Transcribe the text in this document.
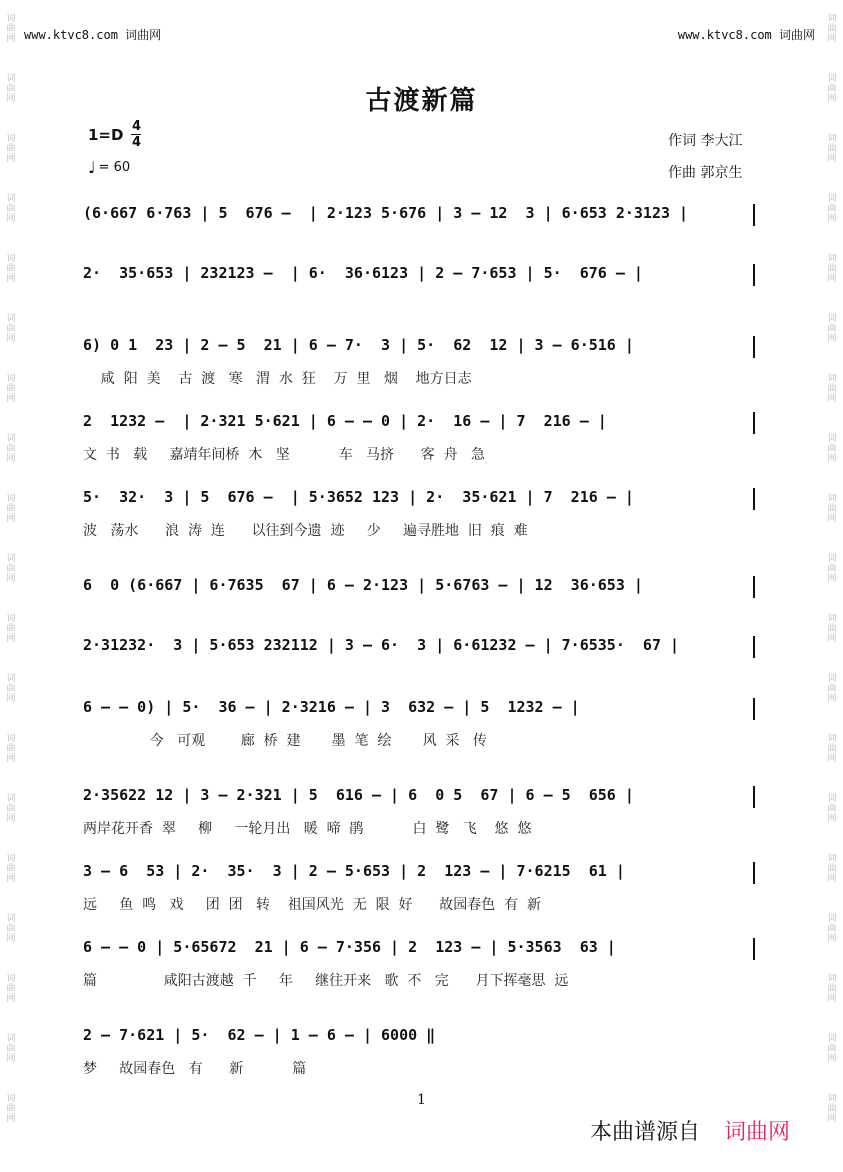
词
曲
网
词
曲
网
词
曲
网
词
曲
网
词
曲
网
词
曲
网
词
曲
网
词
曲
网
词
曲
网
词
曲
网
词
曲
网
词
曲
网
词
曲
网
词
曲
网
词
曲
网
词
曲
网
词
曲
网
词
曲
网
词
曲
网
词
曲
网
词
曲
网
词
曲
网
词
曲
网
词
曲
网
词
曲
网
词
曲
网
词
曲
网
词
曲
网
词
曲
网
词
曲
网
词
曲
网
词
曲
网
词
曲
网
词
曲
网
词
曲
网
词
曲
网
词
曲
网
词
曲
网
www.ktvc8.com 词曲网	www.ktvc8.com 词曲网
古渡新篇
1=D 4
4
♩ = 60
作词 李大江
作曲 郭京生
(6·667 6·763 | 5  676 –  | 2·123 5·676 | 3 – 12  3 | 6·653 2·3123 |
2·  35·653 | 232123 –  | 6·  36·6123 | 2 – 7·653 | 5·  676 – |
6) 0 1  23 | 2 – 5  21 | 6 – 7·  3 | 5·  62  12 | 3 – 6·516 |
咸  阳  美    古  渡   寒   渭  水  狂    万  里   烟    地方日志
2  1232 –  | 2·321 5·621 | 6 – – 0 | 2·  16 – | 7  216 – |
文  书   载     嘉靖年间桥  木   坚           车   马挤      客  舟   急
5·  32·  3 | 5  676 –  | 5·3652 123 | 2·  35·621 | 7  216 – |
波   荡水      浪  涛  连      以往到今遗  迹     少     遍寻胜地  旧  痕  难
6  0 (6·667 | 6·7635  67 | 6 – 2·123 | 5·6763 – | 12  36·653 |
2·31232·  3 | 5·653 232112 | 3 – 6·  3 | 6·61232 – | 7·6535·  67 |
6 – – 0) | 5·  36 – | 2·3216 – | 3  632 – | 5  1232 – |
今   可观        廊  桥  建       墨  笔  绘       风  采   传
2·35622 12 | 3 – 2·321 | 5  616 – | 6  0 5  67 | 6 – 5  656 |
两岸花开香  翠     柳     一轮月出   暖  啼  鹃           白  鹭   飞    悠  悠
3 – 6  53 | 2·  35·  3 | 2 – 5·653 | 2  123 – | 7·6215  61 |
远     鱼  鸣   戏     团  团   转    祖国风光  无  限  好      故园春色  有  新
6 – – 0 | 5·65672  21 | 6 – 7·356 | 2  123 – | 5·3563  63 |
篇               咸阳古渡越  千     年     继往开来   歌  不   完      月下挥毫思  远
2 – 7·621 | 5·  62 – | 1 – 6 – | 6000 ‖
梦     故园春色   有      新           篇
1
本曲谱源自 词曲网
